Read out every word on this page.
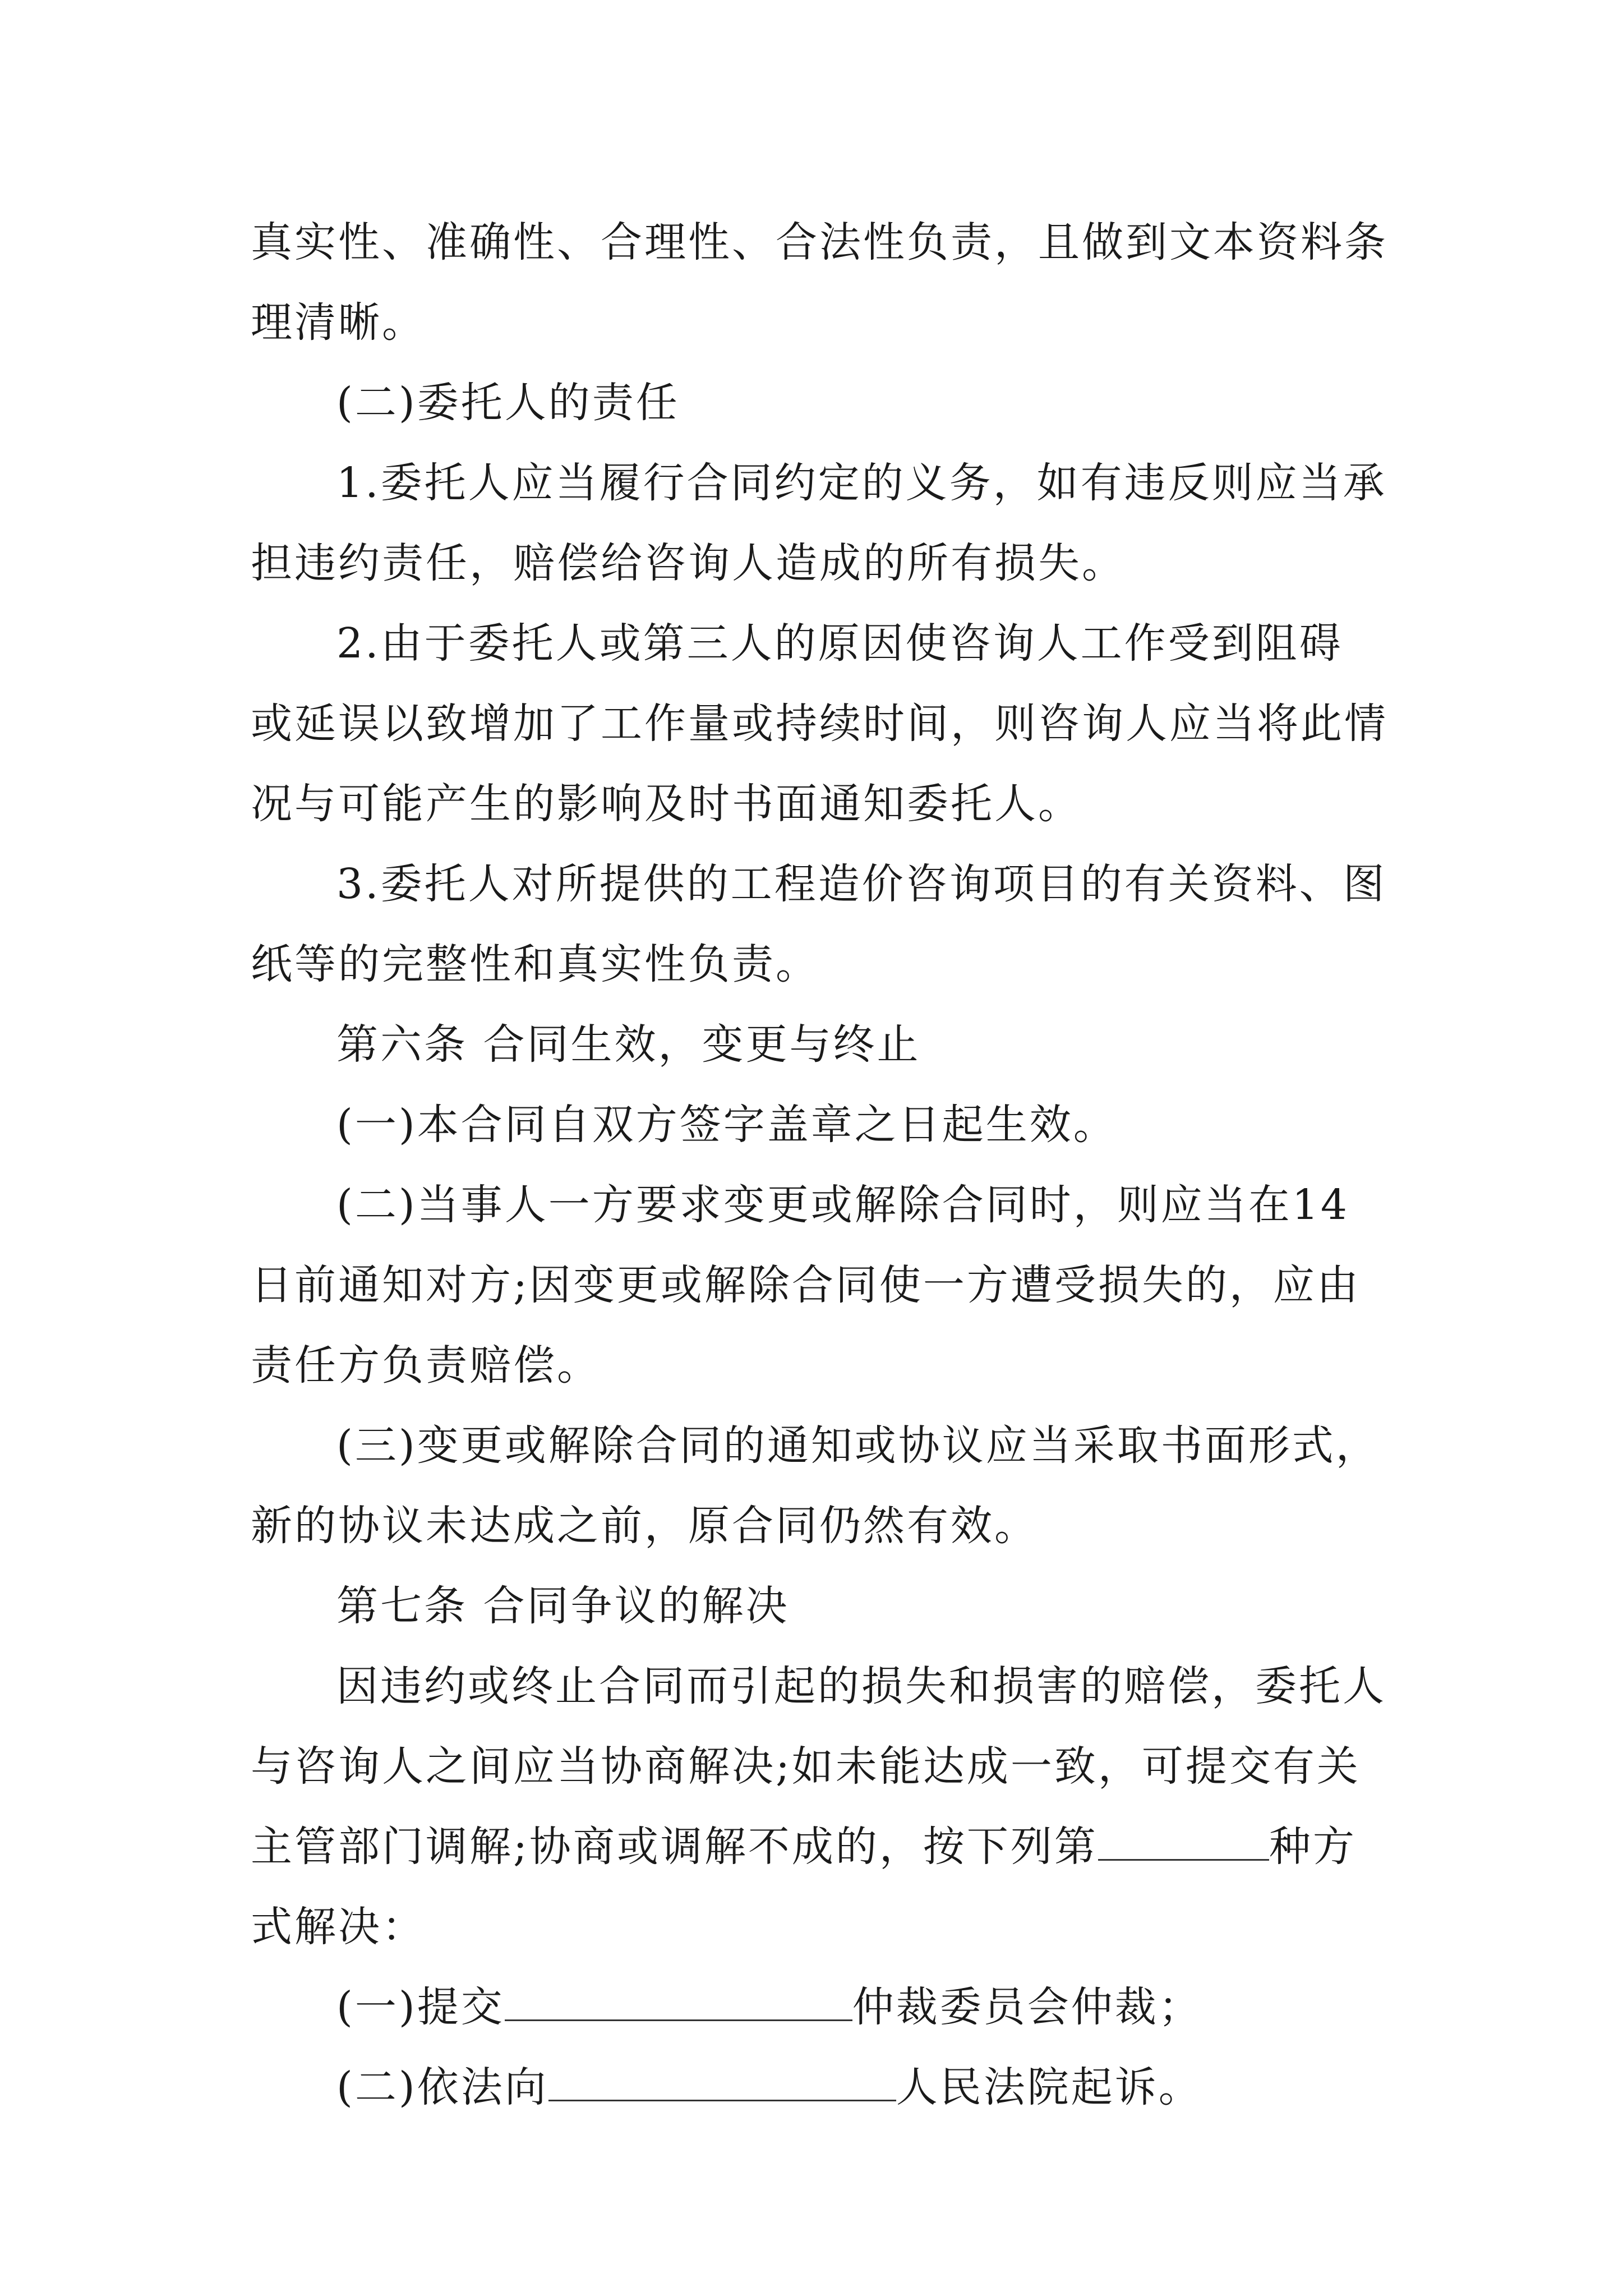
真实性、准确性、合理性、合法性负责，且做到文本资料条
理清晰。
(二)委托人的责任
1.委托人应当履行合同约定的义务，如有违反则应当承
担违约责任，赔偿给咨询人造成的所有损失。
2.由于委托人或第三人的原因使咨询人工作受到阻碍
或延误以致增加了工作量或持续时间，则咨询人应当将此情
况与可能产生的影响及时书面通知委托人。
3.委托人对所提供的工程造价咨询项目的有关资料、图
纸等的完整性和真实性负责。
第六条 合同生效，变更与终止
(一)本合同自双方签字盖章之日起生效。
(二)当事人一方要求变更或解除合同时，则应当在14
日前通知对方;因变更或解除合同使一方遭受损失的，应由
责任方负责赔偿。
(三)变更或解除合同的通知或协议应当采取书面形式，
新的协议未达成之前，原合同仍然有效。
第七条 合同争议的解决
因违约或终止合同而引起的损失和损害的赔偿，委托人
与咨询人之间应当协商解决;如未能达成一致，可提交有关
主管部门调解;协商或调解不成的，按下列第	种方
式解决：
(一)提交	仲裁委员会仲裁；
(二)依法向	人民法院起诉。
